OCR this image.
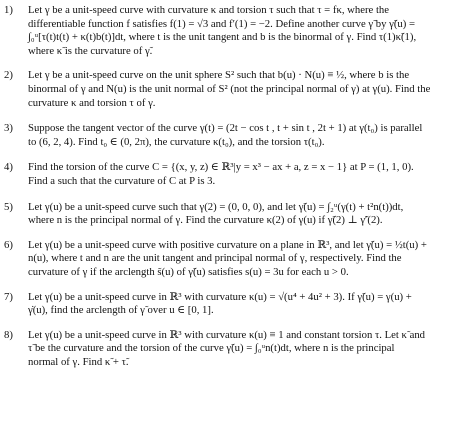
1)	Let γ be a unit-speed curve with curvature κ and torsion τ such that τ = fκ, where the
differentiable function f satisfies f(1) = √3 and f′(1) = −2. Define another curve γ̃ by γ̃(u) =
∫₀ᵘ[τ(t)t(t) + κ(t)b(t)]dt, where t is the unit tangent and b is the binormal of γ. Find τ(1)κ̃(1),
where κ̃ is the curvature of γ̃.
2)	Let γ be a unit-speed curve on the unit sphere S² such that b(u) · N(u) ≡ ½, where b is the
binormal of γ and N(u) is the unit normal of S² (not the principal normal of γ) at γ(u). Find the
curvature κ and torsion τ of γ.
3)	Suppose the tangent vector of the curve γ(t) = (2t − cos t , t + sin t , 2t + 1) at γ(t₀) is parallel
to (6, 2, 4). Find t₀ ∈ (0, 2π), the curvature κ(t₀), and the torsion τ(t₀).
4)	Find the torsion of the curve C = {(x, y, z) ∈ ℝ³|y = x³ − ax + a, z = x − 1} at P = (1, 1, 0).
Find a such that the curvature of C at P is 3.
5)	Let γ(u) be a unit-speed curve such that γ(2) = (0, 0, 0), and let γ̃(u) = ∫₂ᵘ(γ(t) + t²n(t))dt,
where n is the principal normal of γ. Find the curvature κ(2) of γ(u) if γ̃(2) ⊥ γ̃′(2).
6)	Let γ(u) be a unit-speed curve with positive curvature on a plane in ℝ³, and let γ̃(u) = ½t(u) +
n(u), where t and n are the unit tangent and principal normal of γ, respectively. Find the
curvature of γ if the arclength s̃(u) of γ̃(u) satisfies s(u) = 3u for each u > 0.
7)	Let γ(u) be a unit-speed curve in ℝ³ with curvature κ(u) = √(u⁴ + 4u² + 3). If γ̃(u) = γ(u) +
γ̇(u), find the arclength of γ̃ over u ∈ [0, 1].
8)	Let γ(u) be a unit-speed curve in ℝ³ with curvature κ(u) ≡ 1 and constant torsion τ. Let κ̃ and
τ̃ be the curvature and the torsion of the curve γ̃(u) = ∫₀ᵘn(t)dt, where n is the principal
normal of γ. Find κ̃ + τ̃.
